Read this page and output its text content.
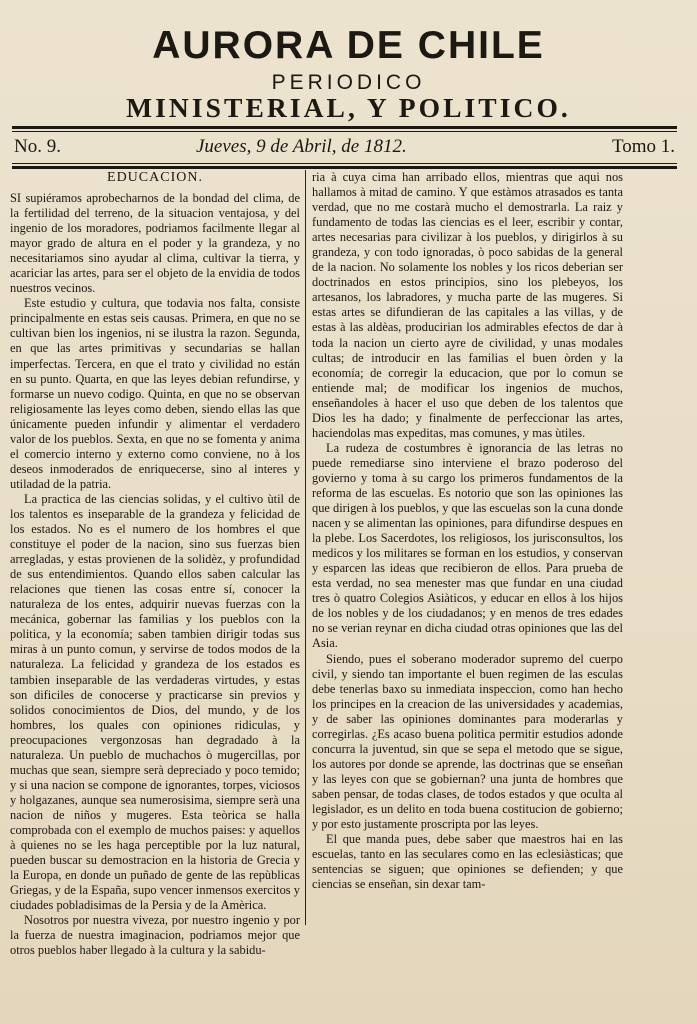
AURORA DE CHILE
PERIODICO
MINISTERIAL, Y POLITICO.
No. 9.	Jueves, 9 de Abril, de 1812.	Tomo 1.
EDUCACION.

SI supiéramos aprobecharnos de la bondad del clima, de la fertilidad del terreno, de la situacion ventajosa, y del ingenio de los moradores, podriamos facilmente llegar al mayor grado de altura en el poder y la grandeza, y no necesitariamos sino ayudar al clima, cultivar la tierra, y acariciar las artes, para ser el objeto de la envidia de todos nuestros vecinos.

Este estudio y cultura, que todavia nos falta, consiste principalmente en estas seis causas. Primera, en que no se cultivan bien los ingenios, ni se ilustra la razon. Segunda, en que las artes primitivas y secundarias se hallan imperfectas. Tercera, en que el trato y civilidad no están en su punto. Quarta, en que las leyes debian refundirse, y formarse un nuevo codigo. Quinta, en que no se observan religiosamente las leyes como deben, siendo ellas las que únicamente pueden infundir y alimentar el verdadero valor de los pueblos. Sexta, en que no se fomenta y anima el comercio interno y externo como conviene, no à los deseos inmoderados de enriquecerse, sino al interes y utiladad de la patria.

La practica de las ciencias solidas, y el cultivo ùtil de los talentos es inseparable de la grandeza y felicidad de los estados. No es el numero de los hombres el que constituye el poder de la nacion, sino sus fuerzas bien arregladas, y estas provienen de la solidèz, y profundidad de sus entendimientos. Quando ellos saben calcular las relaciones que tienen las cosas entre sí, conocer la naturaleza de los entes, adquirir nuevas fuerzas con la mecánica, gobernar las familias y los pueblos con la politica, y la economía; saben tambien dirigir todas sus miras à un punto comun, y servirse de todos modos de la naturaleza. La felicidad y grandeza de los estados es tambien inseparable de las verdaderas virtudes, y estas son dificiles de conocerse y practicarse sin previos y solidos conocimientos de Dios, del mundo, y de los hombres, los quales con opiniones ridiculas, y preocupaciones vergonzosas han degradado à la naturaleza. Un pueblo de muchachos ò mugercillas, por muchas que sean, siempre serà depreciado y poco temido; y si una nacion se compone de ignorantes, torpes, viciosos y holgazanes, aunque sea numerosisima, siempre serà una nacion de niños y mugeres. Esta teòrica se halla comprobada con el exemplo de muchos paises: y aquellos à quienes no se les haga perceptible por la luz natural, pueden buscar su demostracion en la historia de Grecia y la Europa, en donde un puñado de gente de las repùblicas Griegas, y de la España, supo vencer inmensos exercitos y ciudades pobladisimas de la Persia y de la Amèrica.

Nosotros por nuestra viveza, por nuestro ingenio y por la fuerza de nuestra imaginacion, podriamos mejor que otros pueblos haber llegado à la cultura y la sabidu-

ria à cuya cima han arribado ellos, mientras que aqui nos hallamos à mitad de camino. Y que estàmos atrasados es tanta verdad, que no me costarà mucho el demostrarla. La raiz y fundamento de todas las ciencias es el leer, escribir y contar, artes necesarias para civilizar à los pueblos, y dirigirlos à su grandeza, y con todo ignoradas, ò poco sabidas de la general de la nacion. No solamente los nobles y los ricos deberian ser doctrinados en estos principios, sino los plebeyos, los artesanos, los labradores, y mucha parte de las mugeres. Si estas artes se difundieran de las capitales a las villas, y de estas à las aldèas, producirian los admirables efectos de dar à toda la nacion un cierto ayre de civilidad, y unas modales cultas; de introducir en las familias el buen òrden y la economía; de corregir la educacion, que por lo comun se entiende mal; de modificar los ingenios de muchos, enseñandoles à hacer el uso que deben de los talentos que Dios les ha dado; y finalmente de perfeccionar las artes, haciendolas mas expeditas, mas comunes, y mas ùtiles.

La rudeza de costumbres è ignorancia de las letras no puede remediarse sino interviene el brazo poderoso del govierno y toma à su cargo los primeros fundamentos de la reforma de las escuelas. Es notorio que son las opiniones las que dirigen à los pueblos, y que las escuelas son la cuna donde nacen y se alimentan las opiniones, para difundirse despues en la plebe. Los Sacerdotes, los religiosos, los jurisconsultos, los medicos y los militares se forman en los estudios, y conservan y esparcen las ideas que recibieron de ellos. Para prueba de esta verdad, no sea menester mas que fundar en una ciudad tres ò quatro Colegios Asiàticos, y educar en ellos à los hijos de los nobles y de los ciudadanos; y en menos de tres edades no se verian reynar en dicha ciudad otras opiniones que las del Asia.

Siendo, pues el soberano moderador supremo del cuerpo civil, y siendo tan importante el buen regimen de las esculas debe tenerlas baxo su inmediata inspeccion, como han hecho los principes en la creacion de las universidades y academias, y de saber las opiniones dominantes para moderarlas y corregirlas. ¿Es acaso buena politica permitir estudios adonde concurra la juventud, sin que se sepa el metodo que se sigue, los autores por donde se aprende, las doctrinas que se enseñan y las leyes con que se gobiernan? una junta de hombres que saben pensar, de todas clases, de todos estados y que oculta al legislador, es un delito en toda buena costitucion de gobierno; y por esto justamente proscripta por las leyes.

El que manda pues, debe saber que maestros hai en las escuelas, tanto en las seculares como en las eclesiàsticas; que sentencias se siguen; que opiniones se defienden; y que ciencias se enseñan, sin dexar tam-
